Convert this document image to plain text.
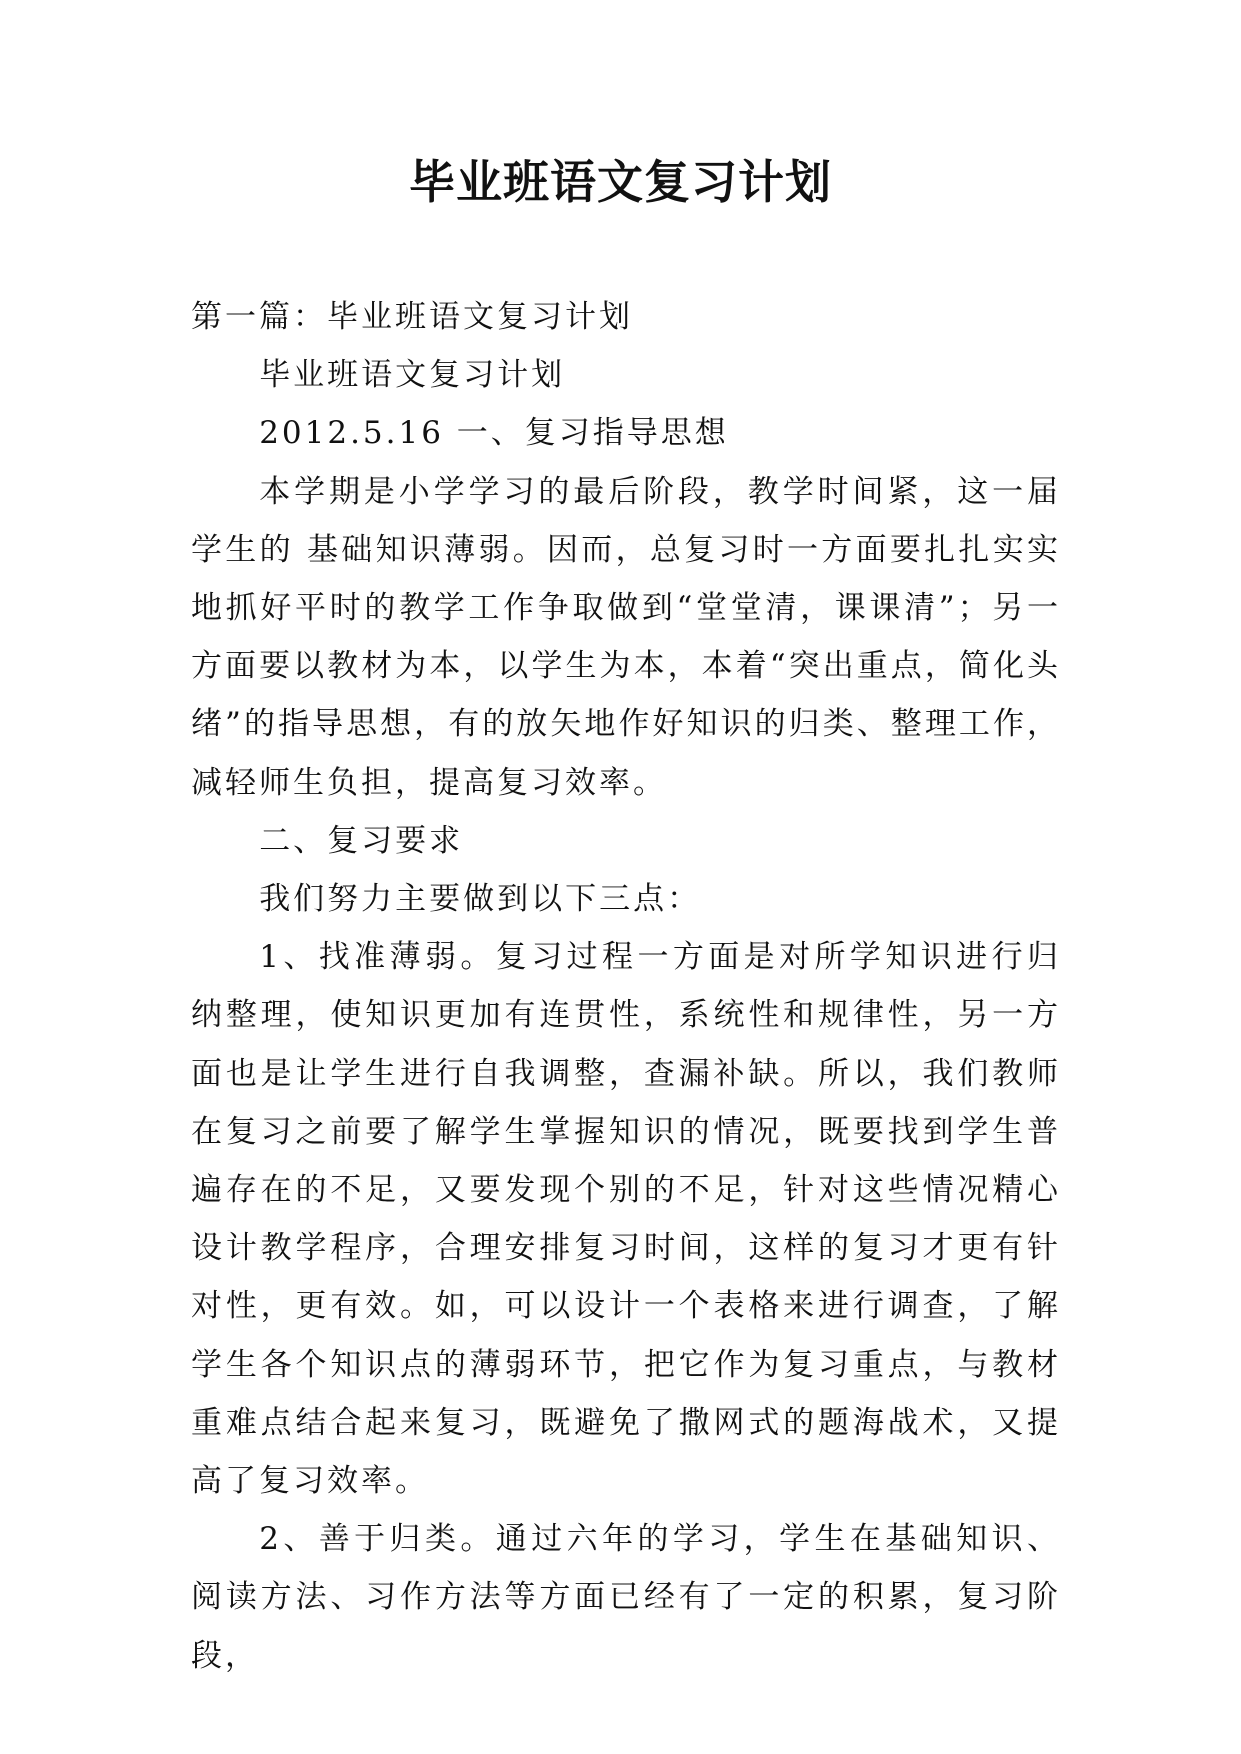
毕业班语文复习计划

第一篇：毕业班语文复习计划

毕业班语文复习计划

2012.5.16 一、复习指导思想

本学期是小学学习的最后阶段，教学时间紧，这一届学生的 基础知识薄弱。因而，总复习时一方面要扎扎实实地抓好平时的教学工作争取做到“堂堂清，课课清”；另一方面要以教材为本，以学生为本，本着“突出重点，简化头绪”的指导思想，有的放矢地作好知识的归类、整理工作，减轻师生负担，提高复习效率。

二、复习要求

我们努力主要做到以下三点：

1、找准薄弱。复习过程一方面是对所学知识进行归纳整理，使知识更加有连贯性，系统性和规律性，另一方面也是让学生进行自我调整，查漏补缺。所以，我们教师在复习之前要了解学生掌握知识的情况，既要找到学生普遍存在的不足，又要发现个别的不足，针对这些情况精心设计教学程序，合理安排复习时间，这样的复习才更有针对性，更有效。如，可以设计一个表格来进行调查，了解学生各个知识点的薄弱环节，把它作为复习重点，与教材重难点结合起来复习，既避免了撒网式的题海战术，又提高了复习效率。

2、善于归类。通过六年的学习，学生在基础知识、阅读方法、习作方法等方面已经有了一定的积累，复习阶段，
